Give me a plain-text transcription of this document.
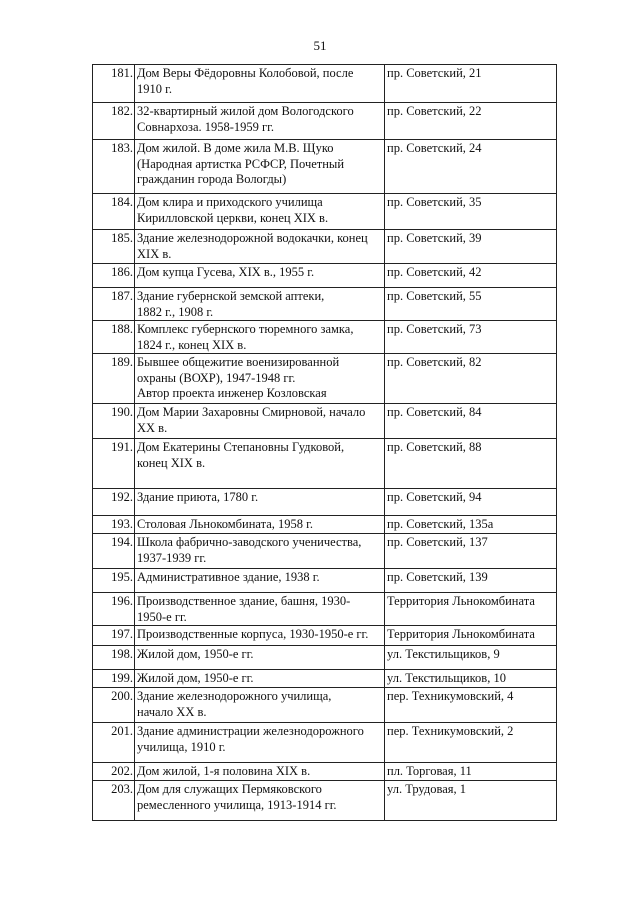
51
181.	Дом Веры Фёдоровны Колобовой, после
1910 г.	пр. Советский, 21
182.	32-квартирный жилой дом Вологодского
Совнархоза. 1958-1959 гг.	пр. Советский, 22
183.	Дом жилой. В доме жила М.В. Щуко
(Народная артистка РСФСР, Почетный
гражданин города Вологды)	пр. Советский, 24
184.	Дом клира и приходского училища
Кирилловской церкви, конец XIX в.	пр. Советский, 35
185.	Здание железнодорожной водокачки, конец
XIX в.	пр. Советский, 39
186.	Дом купца Гусева, XIX в., 1955 г.	пр. Советский, 42
187.	Здание губернской земской аптеки,
1882 г., 1908 г.	пр. Советский, 55
188.	Комплекс губернского тюремного замка,
1824 г., конец XIX в.	пр. Советский, 73
189.	Бывшее общежитие военизированной
охраны (ВОХР), 1947-1948 гг.
Автор проекта инженер Козловская	пр. Советский, 82
190.	Дом Марии Захаровны Смирновой, начало
XX в.	пр. Советский, 84
191.	Дом Екатерины Степановны Гудковой,
конец XIX в.	пр. Советский, 88
192.	Здание приюта, 1780 г.	пр. Советский, 94
193.	Столовая Льнокомбината, 1958 г.	пр. Советский, 135а
194.	Школа фабрично-заводского ученичества,
1937-1939 гг.	пр. Советский, 137
195.	Административное здание, 1938 г.	пр. Советский, 139
196.	Производственное здание, башня, 1930-
1950-е гг.	Территория Льнокомбината
197.	Производственные корпуса, 1930-1950-е гг.	Территория Льнокомбината
198.	Жилой дом, 1950-е гг.	ул. Текстильщиков, 9
199.	Жилой дом, 1950-е гг.	ул. Текстильщиков, 10
200.	Здание железнодорожного училища,
начало XX в.	пер. Техникумовский, 4
201.	Здание администрации железнодорожного
училища, 1910 г.	пер. Техникумовский, 2
202.	Дом жилой, 1-я половина XIX в.	пл. Торговая, 11
203.	Дом для служащих Пермяковского
ремесленного училища, 1913-1914 гг.	ул. Трудовая, 1
